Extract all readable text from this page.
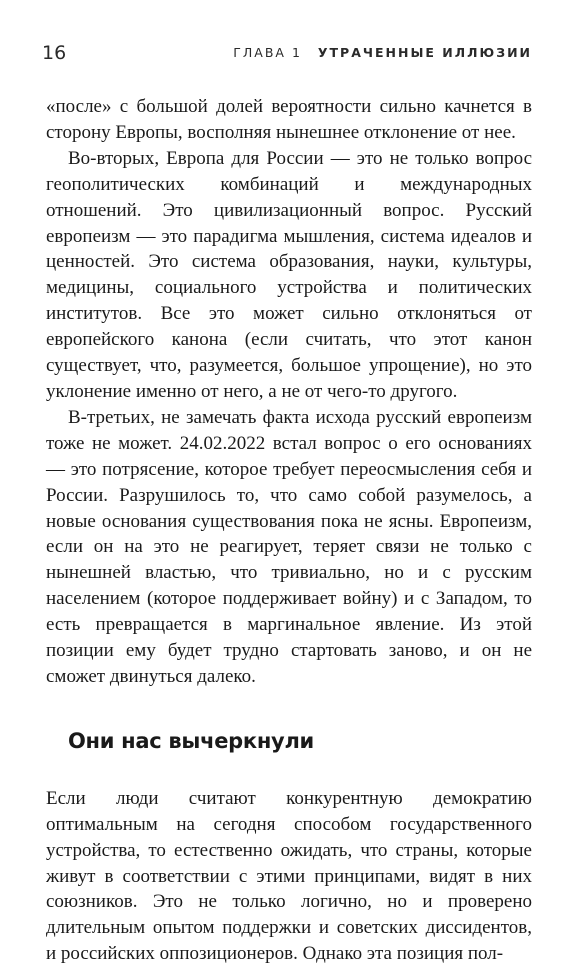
16	ГЛАВА 1 УТРАЧЕННЫЕ ИЛЛЮЗИИ

«после» с большой долей вероятности сильно качнется в сторону Европы, восполняя нынешнее отклонение от нее.

Во-вторых, Европа для России — это не только вопрос геополитических комбинаций и международных отношений. Это цивилизационный вопрос. Русский европеизм — это парадигма мышления, система идеалов и ценностей. Это система образования, науки, культуры, медицины, социального устройства и политических институтов. Все это может сильно отклоняться от европейского канона (если считать, что этот канон существует, что, разумеется, большое упрощение), но это уклонение именно от него, а не от чего-то другого.

В-третьих, не замечать факта исхода русский европеизм тоже не может. 24.02.2022 встал вопрос о его основаниях — это потрясение, которое требует переосмысления себя и России. Разрушилось то, что само собой разумелось, а новые основания существования пока не ясны. Европеизм, если он на это не реагирует, теряет связи не только с нынешней властью, что тривиально, но и с русским населением (которое поддерживает войну) и с Западом, то есть превращается в маргинальное явление. Из этой позиции ему будет трудно стартовать заново, и он не сможет двинуться далеко.

Они нас вычеркнули

Если люди считают конкурентную демократию оптимальным на сегодня способом государственного устройства, то естественно ожидать, что страны, которые живут в соответствии с этими принципами, видят в них союзников. Это не только логично, но и проверено длительным опытом поддержки и советских диссидентов, и российских оппозиционеров. Однако эта позиция пол-
